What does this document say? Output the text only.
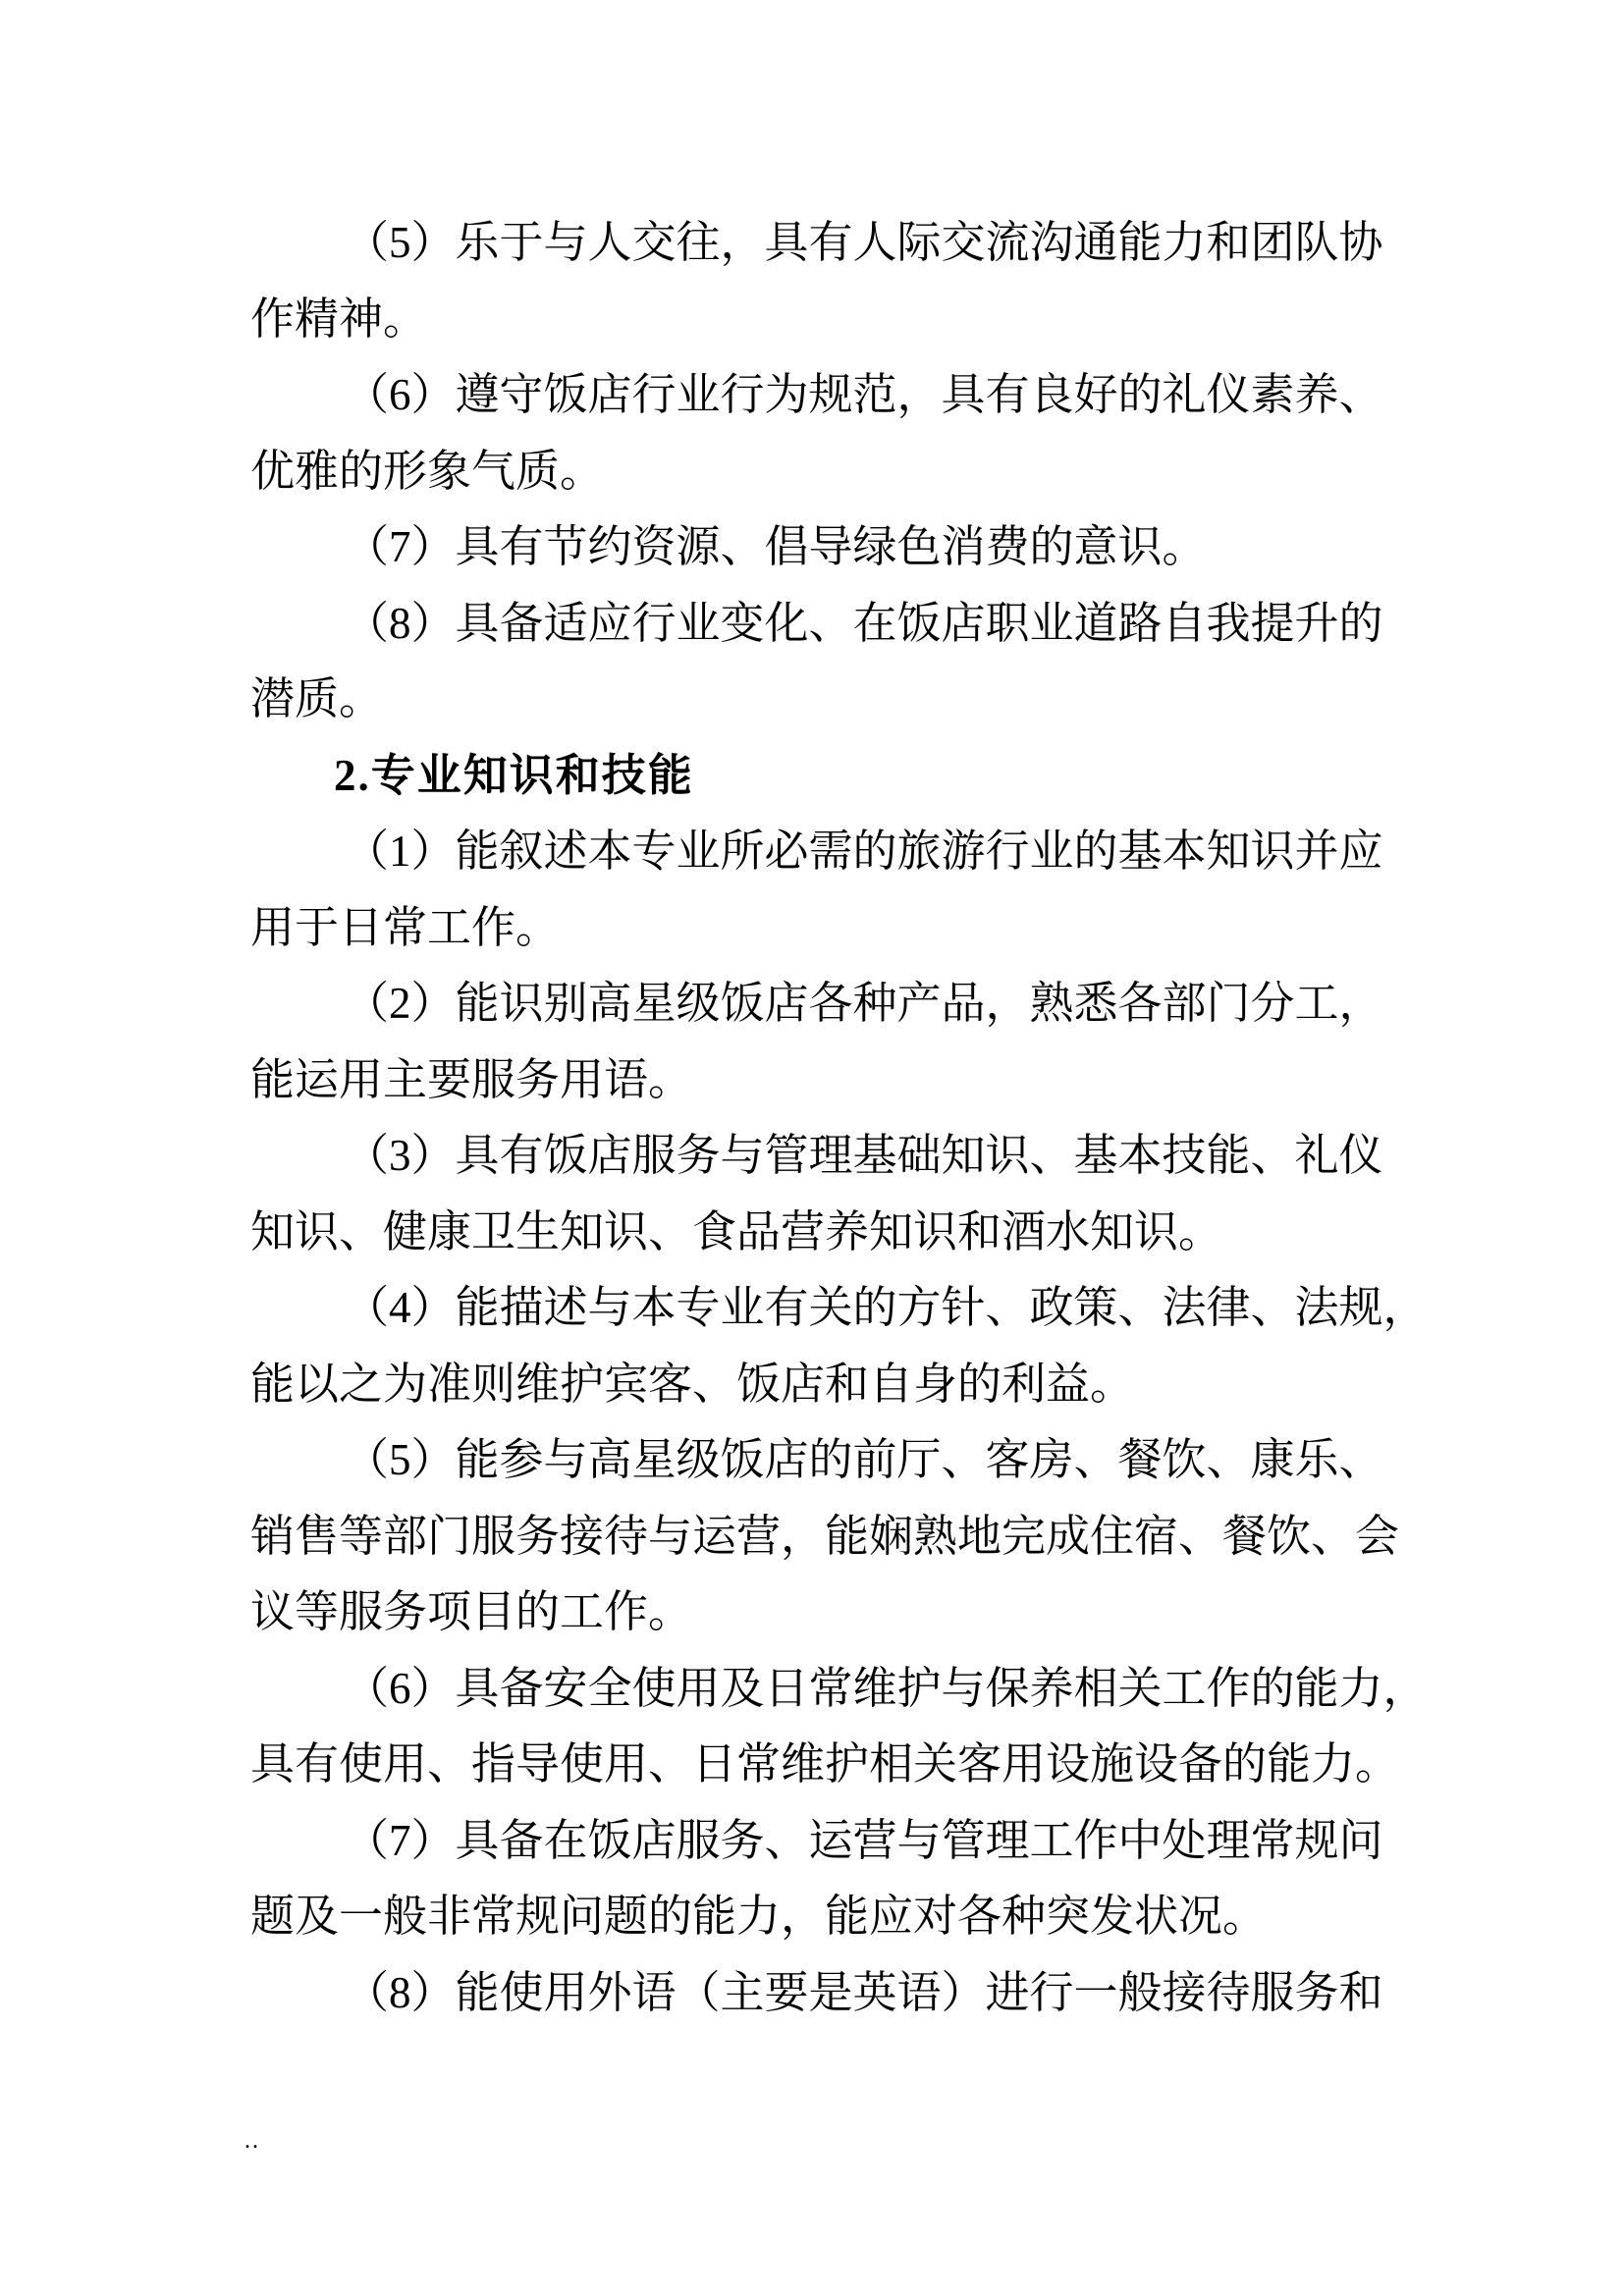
（5）乐于与人交往，具有人际交流沟通能力和团队协
作精神。
（6）遵守饭店行业行为规范，具有良好的礼仪素养、
优雅的形象气质。
（7）具有节约资源、倡导绿色消费的意识。
（8）具备适应行业变化、在饭店职业道路自我提升的
潜质。
2.专业知识和技能
（1）能叙述本专业所必需的旅游行业的基本知识并应
用于日常工作。
（2）能识别高星级饭店各种产品，熟悉各部门分工，
能运用主要服务用语。
（3）具有饭店服务与管理基础知识、基本技能、礼仪
知识、健康卫生知识、食品营养知识和酒水知识。
（4）能描述与本专业有关的方针、政策、法律、法规，
能以之为准则维护宾客、饭店和自身的利益。
（5）能参与高星级饭店的前厅、客房、餐饮、康乐、
销售等部门服务接待与运营，能娴熟地完成住宿、餐饮、会
议等服务项目的工作。
（6）具备安全使用及日常维护与保养相关工作的能力，
具有使用、指导使用、日常维护相关客用设施设备的能力。
（7）具备在饭店服务、运营与管理工作中处理常规问
题及一般非常规问题的能力，能应对各种突发状况。
（8）能使用外语（主要是英语）进行一般接待服务和
..
